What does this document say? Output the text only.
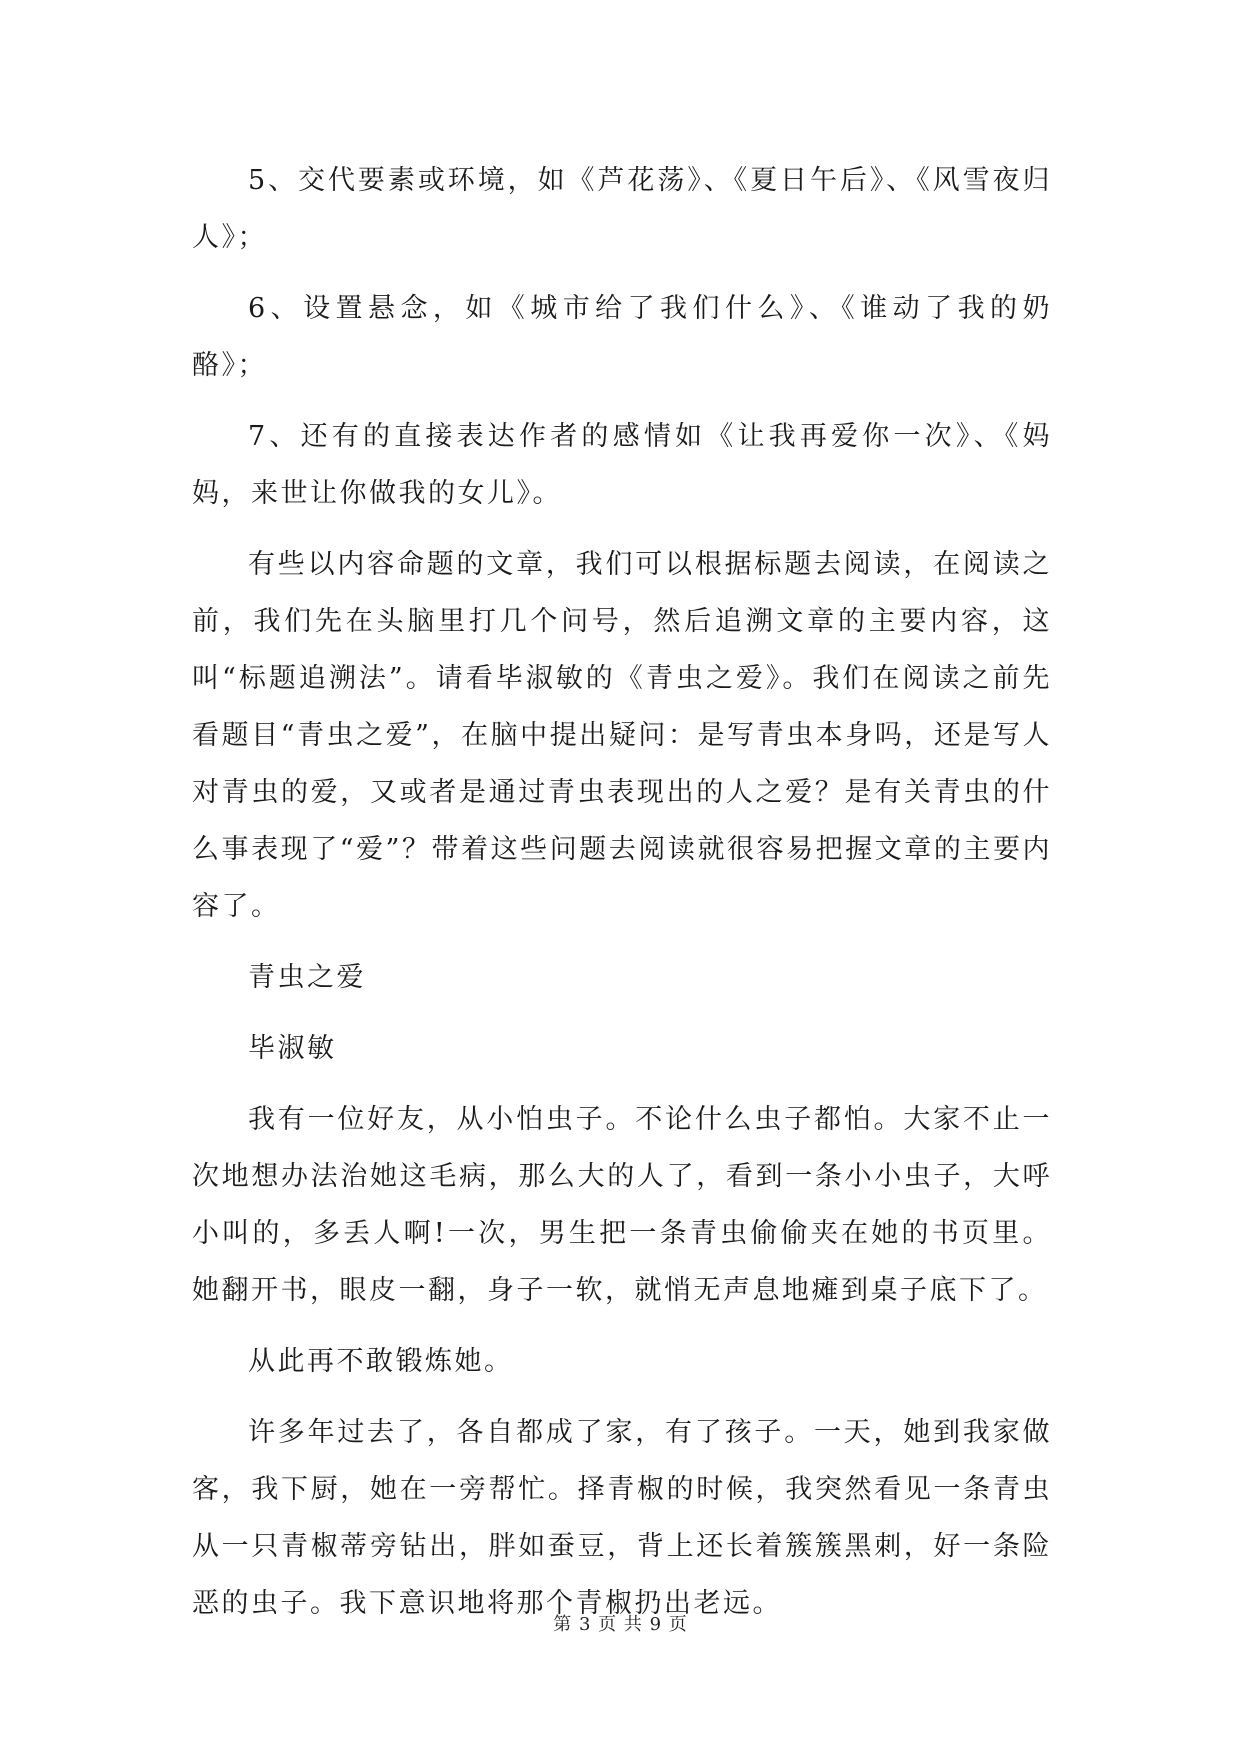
5、交代要素或环境，如《芦花荡》、《夏日午后》、《风雪夜归人》；

6、设置悬念，如《城市给了我们什么》、《谁动了我的奶酪》；

7、还有的直接表达作者的感情如《让我再爱你一次》、《妈妈，来世让你做我的女儿》。

有些以内容命题的文章，我们可以根据标题去阅读，在阅读之前，我们先在头脑里打几个问号，然后追溯文章的主要内容，这叫“标题追溯法”。请看毕淑敏的《青虫之爱》。我们在阅读之前先看题目“青虫之爱”，在脑中提出疑问：是写青虫本身吗，还是写人对青虫的爱，又或者是通过青虫表现出的人之爱？是有关青虫的什么事表现了“爱”？带着这些问题去阅读就很容易把握文章的主要内容了。

青虫之爱

毕淑敏

我有一位好友，从小怕虫子。不论什么虫子都怕。大家不止一次地想办法治她这毛病，那么大的人了，看到一条小小虫子，大呼小叫的，多丢人啊!一次，男生把一条青虫偷偷夹在她的书页里。她翻开书，眼皮一翻，身子一软，就悄无声息地瘫到桌子底下了。

从此再不敢锻炼她。

许多年过去了，各自都成了家，有了孩子。一天，她到我家做客，我下厨，她在一旁帮忙。择青椒的时候，我突然看见一条青虫从一只青椒蒂旁钻出，胖如蚕豆，背上还长着簇簇黑刺，好一条险恶的虫子。我下意识地将那个青椒扔出老远。

第 3 页 共 9 页
